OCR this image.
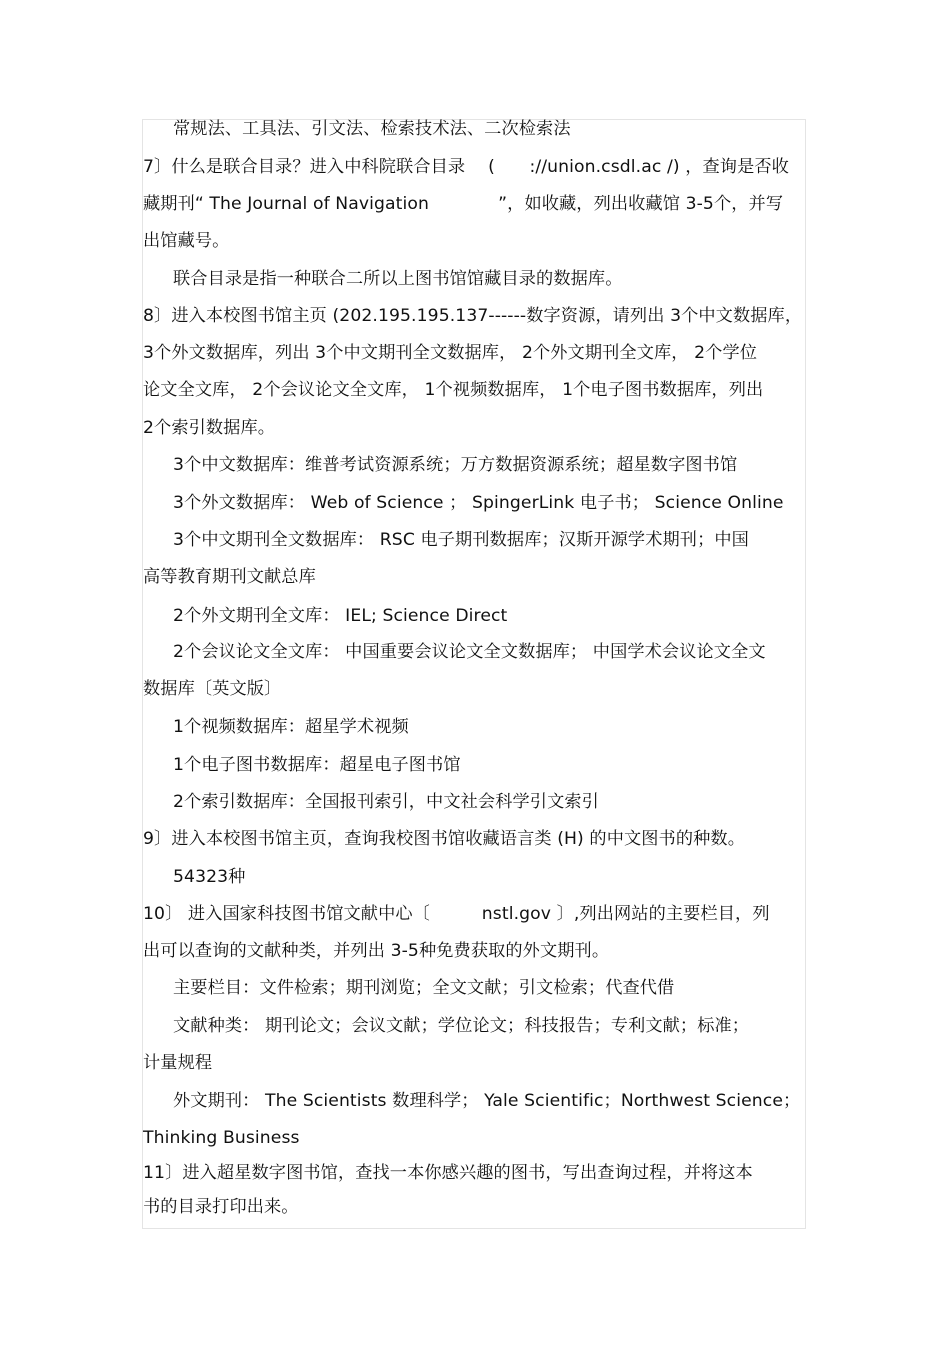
常规法、工具法、引文法、检索技术法、二次检索法
7〕什么是联合目录？进入中科院联合目录　 (　　://union.csdl.ac /) ，查询是否收
藏期刊“ The Journal of Navigation　　　　”，如收藏，列出收藏馆 3-5个，并写
出馆藏号。
联合目录是指一种联合二所以上图书馆馆藏目录的数据库。
8〕进入本校图书馆主页 (202.195.195.137------数字资源，请列出 3个中文数据库，
3个外文数据库，列出 3个中文期刊全文数据库， 2个外文期刊全文库， 2个学位
论文全文库， 2个会议论文全文库， 1个视频数据库， 1个电子图书数据库，列出
2个索引数据库。
3个中文数据库：维普考试资源系统；万方数据资源系统；超星数字图书馆
3个外文数据库： Web of Science ； SpingerLink 电子书； Science Online
3个中文期刊全文数据库： RSC 电子期刊数据库；汉斯开源学术期刊；中国
高等教育期刊文献总库
2个外文期刊全文库： IEL; Science Direct
2个会议论文全文库： 中国重要会议论文全文数据库； 中国学术会议论文全文
数据库〔英文版〕
1个视频数据库：超星学术视频
1个电子图书数据库：超星电子图书馆
2个索引数据库：全国报刊索引，中文社会科学引文索引
9〕进入本校图书馆主页，查询我校图书馆收藏语言类 (H) 的中文图书的种数。
54323种
10〕 进入国家科技图书馆文献中心〔　　　nstl.gov 〕,列出网站的主要栏目，列
出可以查询的文献种类，并列出 3-5种免费获取的外文期刊。
主要栏目：文件检索；期刊浏览；全文文献；引文检索；代查代借
文献种类： 期刊论文；会议文献；学位论文；科技报告；专利文献；标准；
计量规程
外文期刊： The Scientists 数理科学； Yale Scientific；Northwest Science；
Thinking Business
11〕进入超星数字图书馆，查找一本你感兴趣的图书，写出查询过程，并将这本
书的目录打印出来。
